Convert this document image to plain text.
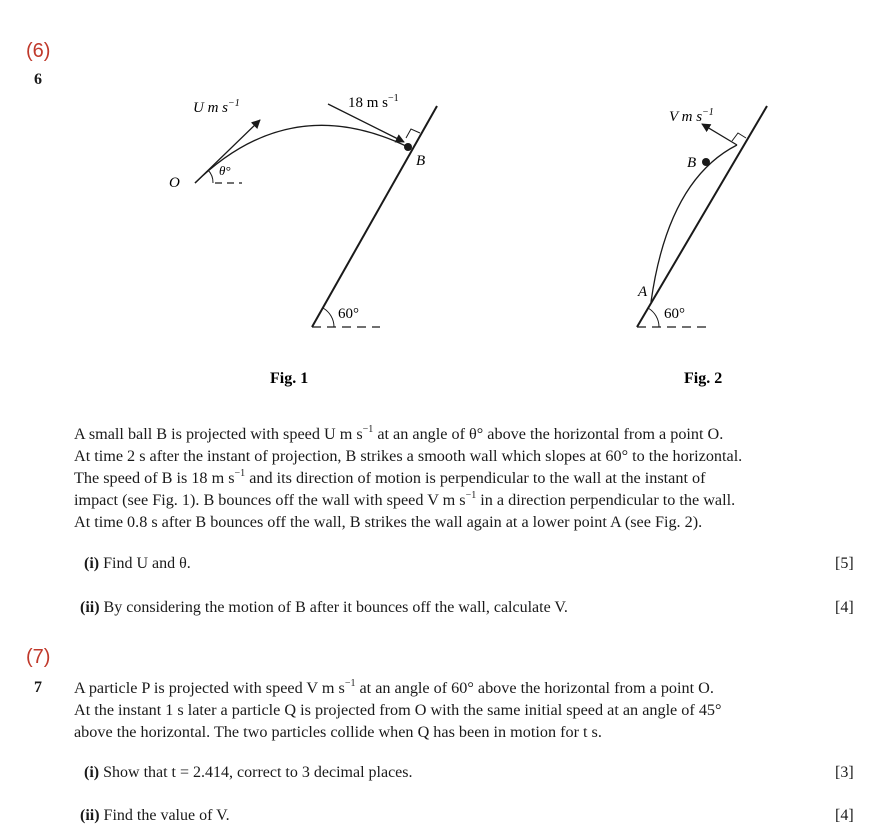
(6)
6
U m $s^{-1}$	18 m $s^{-1}$
O
θ°
B
60°
Fig. 1
V m $s^{-1}$
B
A
60°
Fig. 2
A small ball B is projected with speed U m $s^{-1}$ at an angle of θ° above the horizontal from a point O.
At time 2 s after the instant of projection, B strikes a smooth wall which slopes at 60° to the horizontal.
The speed of B is 18 m $s^{-1}$ and its direction of motion is perpendicular to the wall at the instant of
impact (see Fig. 1). B bounces off the wall with speed V m $s^{-1}$ in a direction perpendicular to the wall.
At time 0.8 s after B bounces off the wall, B strikes the wall again at a lower point A (see Fig. 2).
(i) Find U and θ.	[5]
(ii) By considering the motion of B after it bounces off the wall, calculate V.	[4]
(7)
7 A particle P is projected with speed V m $s^{-1}$ at an angle of 60° above the horizontal from a point O.
At the instant 1 s later a particle Q is projected from O with the same initial speed at an angle of 45°
above the horizontal. The two particles collide when Q has been in motion for t s.
(i) Show that t = 2.414, correct to 3 decimal places.	[3]
(ii) Find the value of V.	[4]
